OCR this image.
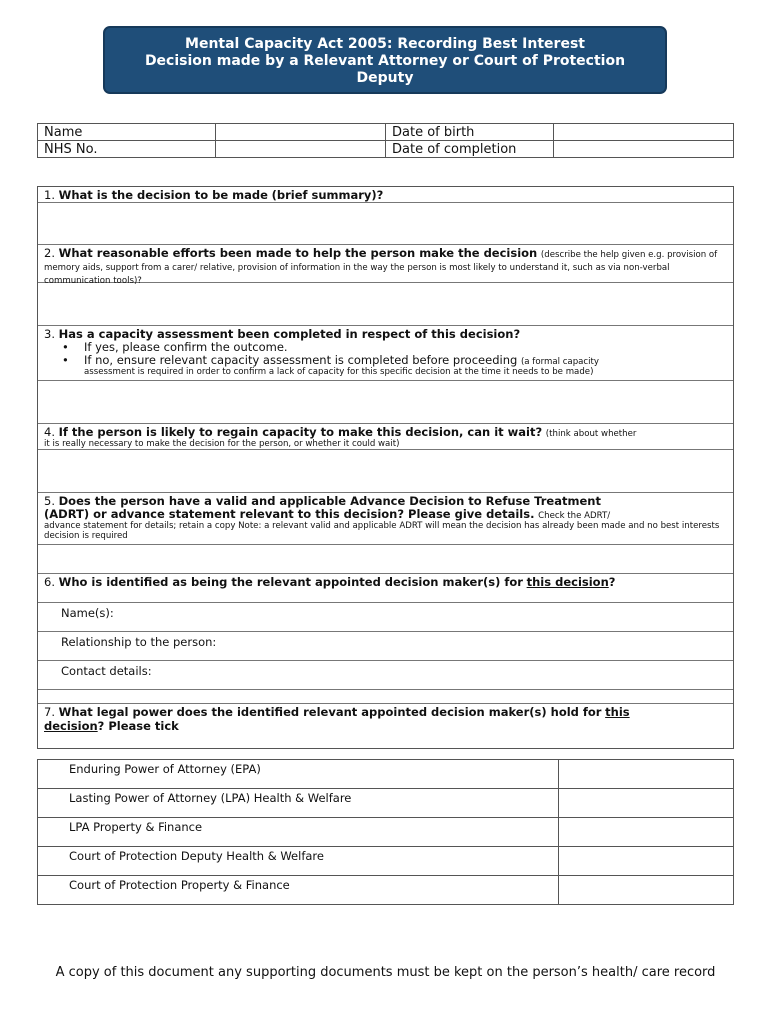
Mental Capacity Act 2005: Recording Best Interest
Decision made by a Relevant Attorney or Court of Protection
Deputy
Name		Date of birth	
NHS No.		Date of completion	
1. What is the decision to be made (brief summary)?
2. What reasonable efforts been made to help the person make the decision (describe the help given e.g. provision of memory aids, support from a carer/ relative, provision of information in the way the person is most likely to understand it, such as via non-verbal communication tools)?
3. Has a capacity assessment been completed in respect of this decision?
•	If yes, please confirm the outcome.
•	If no, ensure relevant capacity assessment is completed before proceeding (a formal capacity
assessment is required in order to confirm a lack of capacity for this specific decision at the time it needs to be made)
4. If the person is likely to regain capacity to make this decision, can it wait? (think about whether
it is really necessary to make the decision for the person, or whether it could wait)
5. Does the person have a valid and applicable Advance Decision to Refuse Treatment
(ADRT) or advance statement relevant to this decision? Please give details. Check the ADRT/
advance statement for details; retain a copy Note: a relevant valid and applicable ADRT will mean the decision has already been made and no best interests decision is required
6. Who is identified as being the relevant appointed decision maker(s) for this decision?
Name(s):
Relationship to the person:
Contact details:
7. What legal power does the identified relevant appointed decision maker(s) hold for this
decision? Please tick
Enduring Power of Attorney (EPA)	
Lasting Power of Attorney (LPA) Health & Welfare	
LPA Property & Finance	
Court of Protection Deputy Health & Welfare	
Court of Protection Property & Finance	
A copy of this document any supporting documents must be kept on the person’s health/ care record
